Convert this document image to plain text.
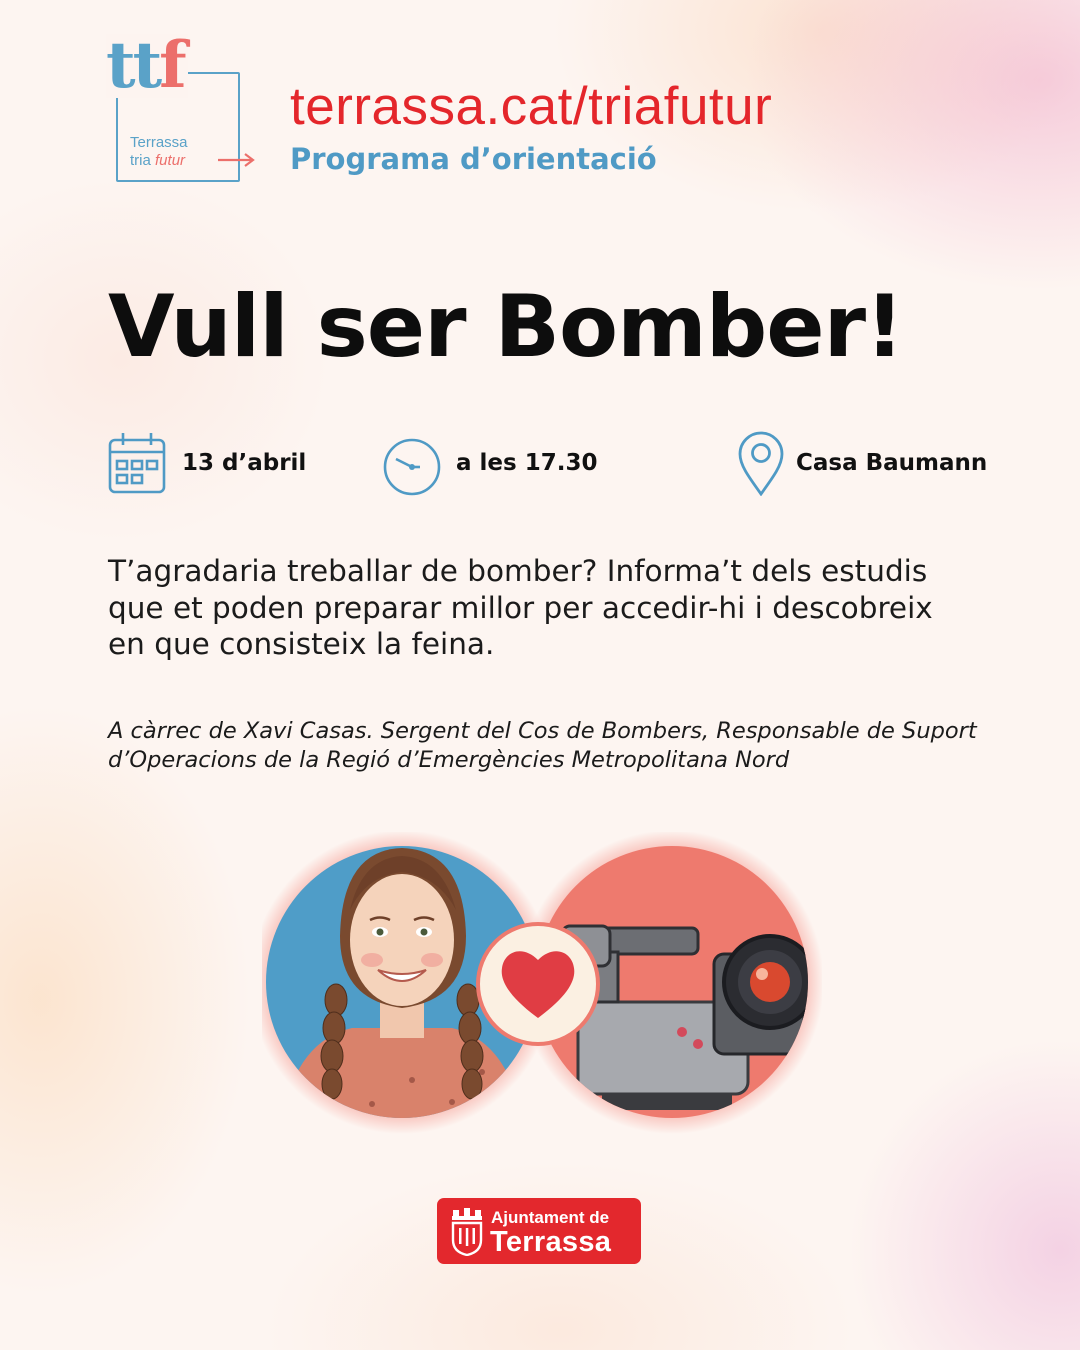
ttf
Terrassa
tria futur
terrassa.cat/triafutur
Programa d’orientació
Vull ser Bomber!
13 d’abril	a les 17.30	Casa Baumann

T’agradaria treballar de bomber? Informa’t dels estudis que et poden preparar millor per accedir-hi i descobreix en que consisteix la feina.

A càrrec de Xavi Casas. Sergent del Cos de Bombers, Responsable de Suport d’Operacions de la Regió d’Emergències Metropolitana Nord

Ajuntament de
Terrassa
